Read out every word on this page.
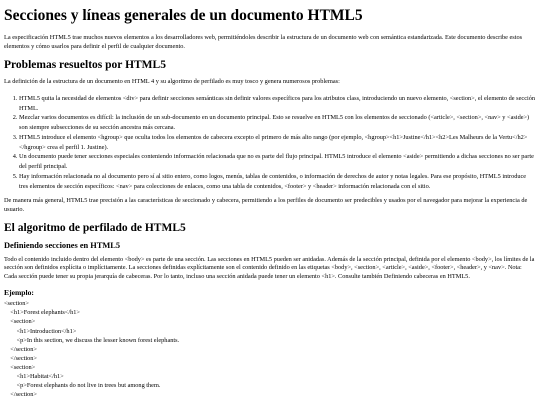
Secciones y líneas generales de un documento HTML5

La especificación HTML5 trae muchos nuevos elementos a los desarrolladores web, permitiéndoles describir la estructura de un documento web con semántica estandarizada. Este documento describe estos elementos y cómo usarlos para definir el perfil de cualquier documento.

Problemas resueltos por HTML5

La definición de la estructura de un documento en HTML 4 y su algoritmo de perfilado es muy tosco y genera numerosos problemas:

1. HTML5 quita la necesidad de elementos <div> para definir secciones semánticas sin definir valores específicos para los atributos class, introduciendo un nuevo elemento, <section>, el elemento de sección HTML.
2. Mezclar varios documentos es difícil: la inclusión de un sub-documento en un documento principal. Esto se resuelve en HTML5 con los elementos de seccionado (<article>, <section>, <nav> y <aside>) son siempre subsecciones de su sección ancestra más cercana.
3. HTML5 introduce el elemento <hgroup> que oculta todos los elementos de cabecera excepto el primero de más alto rango (por ejemplo, <hgroup><h1>Justine</h1><h2>Les Malheurs de la Vertu</h2></hgroup> crea el perfil 1. Justine).
4. Un documento puede tener secciones especiales conteniendo información relacionada que no es parte del flujo principal. HTML5 introduce el elemento <aside> permitiendo a dichas secciones no ser parte del perfil principal.
5. Hay información relacionada no al documento pero sí al sitio entero, como logos, menús, tablas de contenidos, o información de derechos de autor y notas legales. Para ese propósito, HTML5 introduce tres elementos de sección específicos: <nav> para colecciones de enlaces, como una tabla de contenidos, <footer> y <header> información relacionada con el sitio.

De manera más general, HTML5 trae precisión a las características de seccionado y cabecera, permitiendo a los perfiles de documento ser predecibles y usados por el navegador para mejorar la experiencia de usuario.

El algoritmo de perfilado de HTML5
Definiendo secciones en HTML5

Todo el contenido incluido dentro del elemento <body> es parte de una sección. Las secciones en HTML5 pueden ser anidadas. Además de la sección principal, definida por el elemento <body>, los límites de la sección son definidos explícita o implícitamente. La secciones definidas explícitamente son el contenido definido en las etiquetas <body>, <section>, <article>, <aside>, <footer>, <header>, y <nav>. Nota: Cada sección puede tener su propia jerarquía de cabeceras. Por lo tanto, incluso una sección anidada puede tener un elemento <h1>. Consulte también Definiendo cabeceras en HTML5.

Ejemplo:
<section>
<h1>Forest elephants</h1>
<section>
<h1>Introduction</h1>
<p>In this section, we discuss the lesser known forest elephants.
</section>
</section>
<section>
<h1>Habitat</h1>
<p>Forest elephants do not live in trees but among them.
</section>
